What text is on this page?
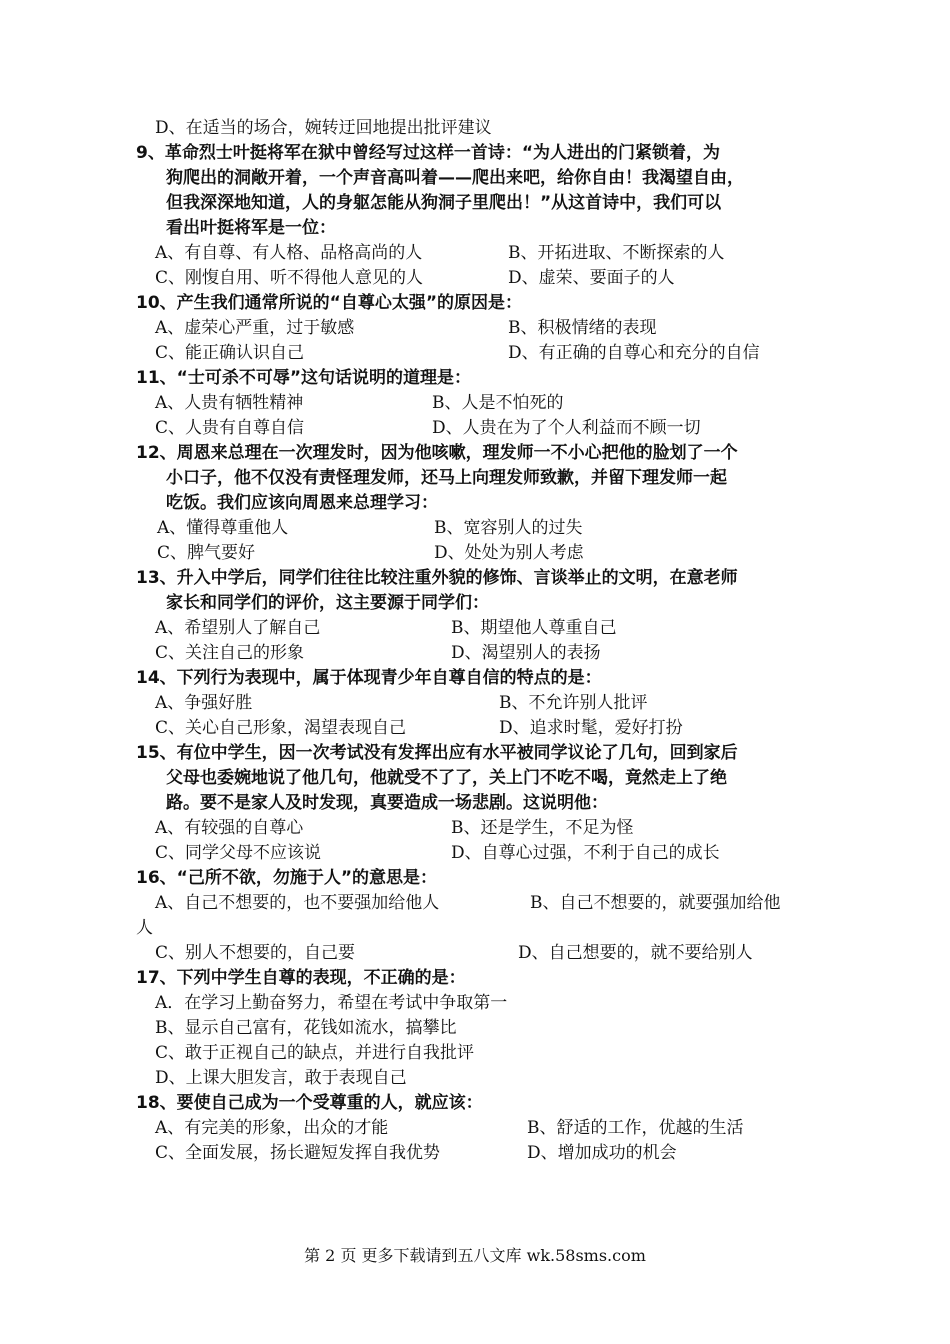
D、在适当的场合，婉转迂回地提出批评建议
9、革命烈士叶挺将军在狱中曾经写过这样一首诗：“为人进出的门紧锁着，为
狗爬出的洞敞开着，一个声音高叫着——爬出来吧，给你自由！我渴望自由，
但我深深地知道，人的身躯怎能从狗洞子里爬出！”从这首诗中，我们可以
看出叶挺将军是一位：
A、有自尊、有人格、品格高尚的人	B、开拓进取、不断探索的人
C、刚愎自用、听不得他人意见的人	D、虚荣、要面子的人
10、产生我们通常所说的“自尊心太强”的原因是：
A、虚荣心严重，过于敏感	B、积极情绪的表现
C、能正确认识自己	D、有正确的自尊心和充分的自信
11、“士可杀不可辱”这句话说明的道理是：
A、人贵有牺牲精神	B、人是不怕死的
C、人贵有自尊自信	D、人贵在为了个人利益而不顾一切
12、周恩来总理在一次理发时，因为他咳嗽，理发师一不小心把他的脸划了一个
小口子，他不仅没有责怪理发师，还马上向理发师致歉，并留下理发师一起
吃饭。我们应该向周恩来总理学习：
A、懂得尊重他人	B、宽容别人的过失
C、脾气要好	D、处处为别人考虑
13、升入中学后，同学们往往比较注重外貌的修饰、言谈举止的文明，在意老师
家长和同学们的评价，这主要源于同学们：
A、希望别人了解自己	B、期望他人尊重自己
C、关注自己的形象	D、渴望别人的表扬
14、下列行为表现中，属于体现青少年自尊自信的特点的是：
A、争强好胜	B、不允许别人批评
C、关心自己形象，渴望表现自己	D、追求时髦，爱好打扮
15、有位中学生，因一次考试没有发挥出应有水平被同学议论了几句，回到家后
父母也委婉地说了他几句，他就受不了了，关上门不吃不喝，竟然走上了绝
路。要不是家人及时发现，真要造成一场悲剧。这说明他：
A、有较强的自尊心	B、还是学生，不足为怪
C、同学父母不应该说	D、自尊心过强，不利于自己的成长
16、“己所不欲，勿施于人”的意思是：
A、自己不想要的，也不要强加给他人	B、自己不想要的，就要强加给他
人
C、别人不想要的，自己要	D、自己想要的，就不要给别人
17、下列中学生自尊的表现，不正确的是：
A．在学习上勤奋努力，希望在考试中争取第一
B、显示自己富有，花钱如流水，搞攀比
C、敢于正视自己的缺点，并进行自我批评
D、上课大胆发言，敢于表现自己
18、要使自己成为一个受尊重的人，就应该：
A、有完美的形象，出众的才能	B、舒适的工作，优越的生活
C、全面发展，扬长避短发挥自我优势	D、增加成功的机会
第 2 页 更多下载请到五八文库 wk.58sms.com
